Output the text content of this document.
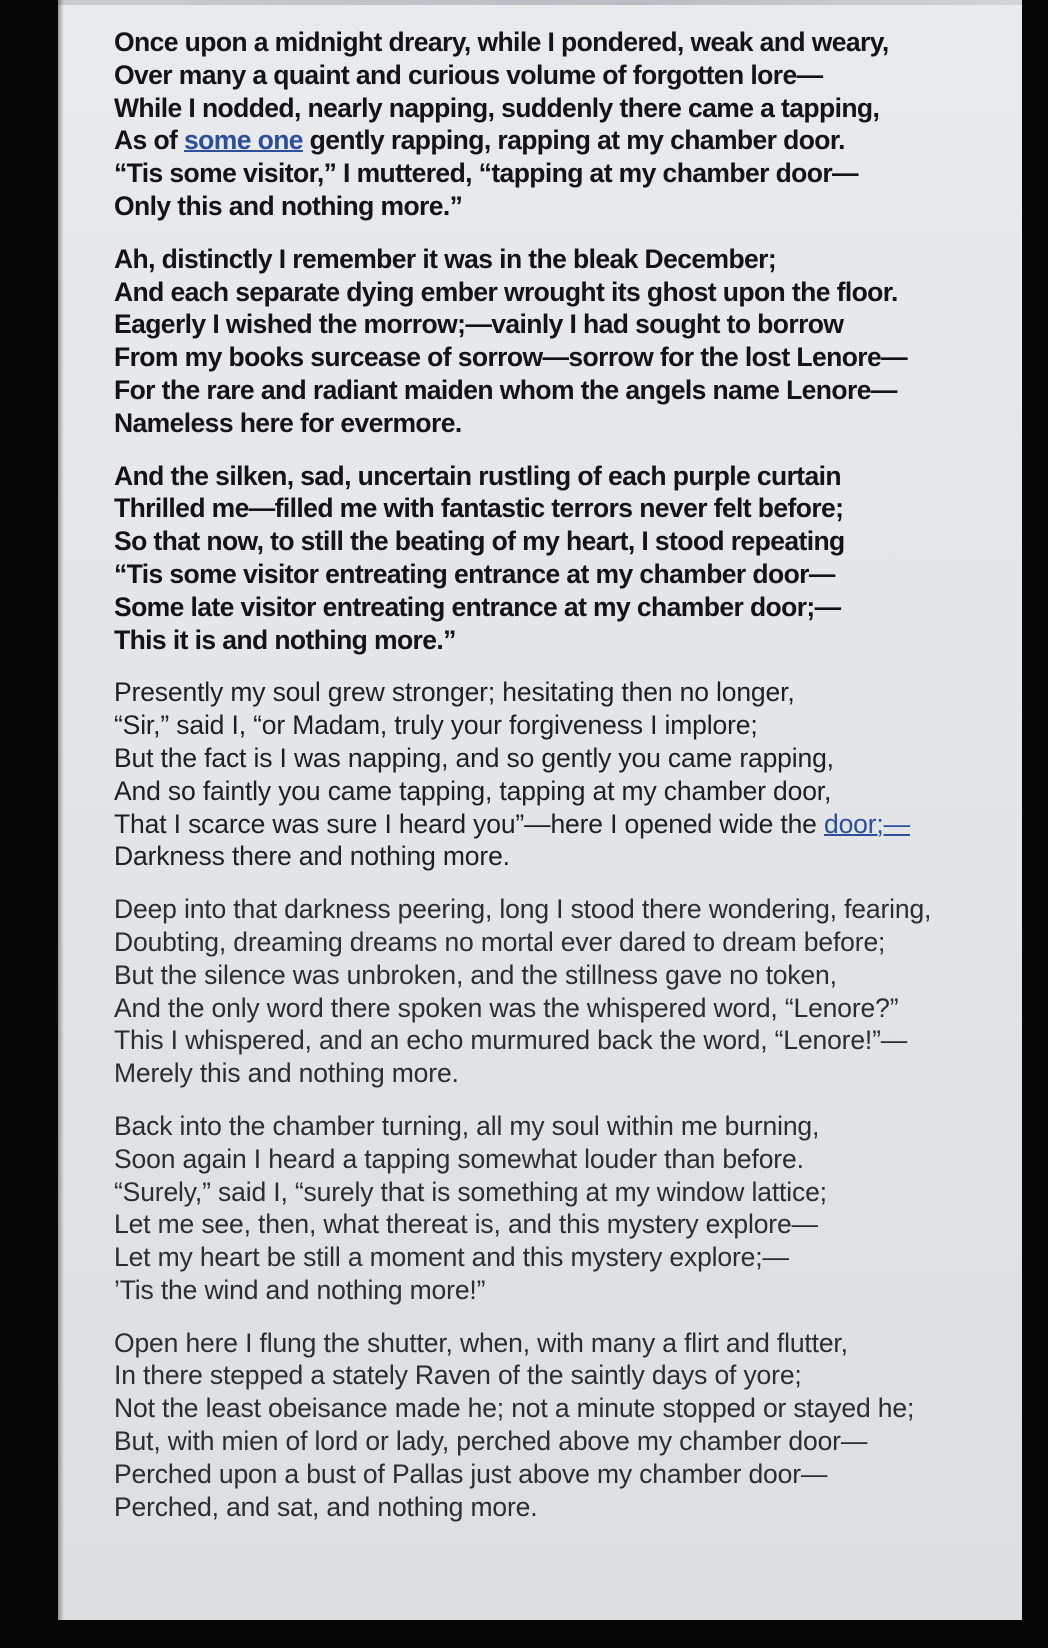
Once upon a midnight dreary, while I pondered, weak and weary,
Over many a quaint and curious volume of forgotten lore—
While I nodded, nearly napping, suddenly there came a tapping,
As of some one gently rapping, rapping at my chamber door.
“Tis some visitor,” I muttered, “tapping at my chamber door—
Only this and nothing more.”
Ah, distinctly I remember it was in the bleak December;
And each separate dying ember wrought its ghost upon the floor.
Eagerly I wished the morrow;—vainly I had sought to borrow
From my books surcease of sorrow—sorrow for the lost Lenore—
For the rare and radiant maiden whom the angels name Lenore—
Nameless here for evermore.
And the silken, sad, uncertain rustling of each purple curtain
Thrilled me—filled me with fantastic terrors never felt before;
So that now, to still the beating of my heart, I stood repeating
“Tis some visitor entreating entrance at my chamber door—
Some late visitor entreating entrance at my chamber door;—
This it is and nothing more.”
Presently my soul grew stronger; hesitating then no longer,
“Sir,” said I, “or Madam, truly your forgiveness I implore;
But the fact is I was napping, and so gently you came rapping,
And so faintly you came tapping, tapping at my chamber door,
That I scarce was sure I heard you”—here I opened wide the door;—
Darkness there and nothing more.
Deep into that darkness peering, long I stood there wondering, fearing,
Doubting, dreaming dreams no mortal ever dared to dream before;
But the silence was unbroken, and the stillness gave no token,
And the only word there spoken was the whispered word, “Lenore?”
This I whispered, and an echo murmured back the word, “Lenore!”—
Merely this and nothing more.
Back into the chamber turning, all my soul within me burning,
Soon again I heard a tapping somewhat louder than before.
“Surely,” said I, “surely that is something at my window lattice;
Let me see, then, what thereat is, and this mystery explore—
Let my heart be still a moment and this mystery explore;—
’Tis the wind and nothing more!”
Open here I flung the shutter, when, with many a flirt and flutter,
In there stepped a stately Raven of the saintly days of yore;
Not the least obeisance made he; not a minute stopped or stayed he;
But, with mien of lord or lady, perched above my chamber door—
Perched upon a bust of Pallas just above my chamber door—
Perched, and sat, and nothing more.
